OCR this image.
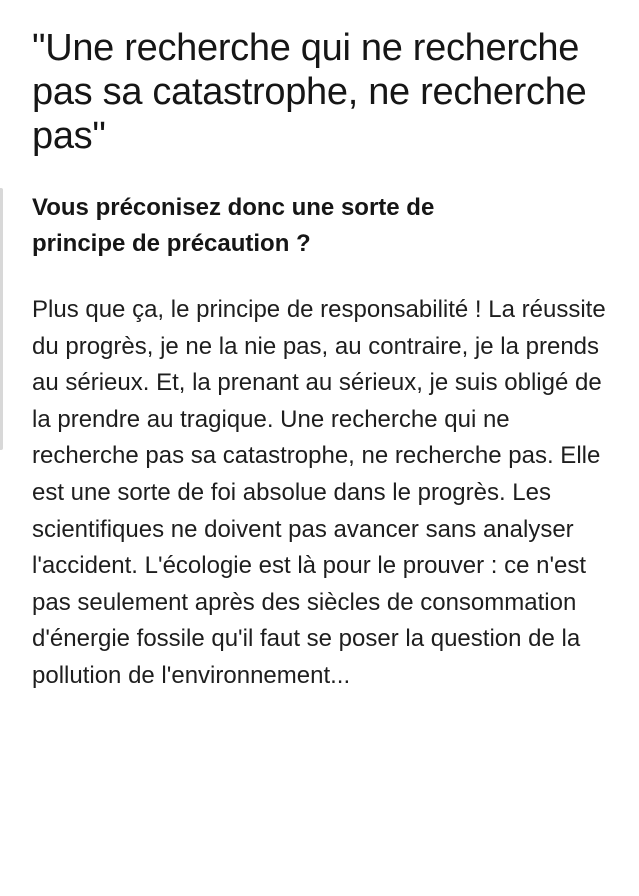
"Une recherche qui ne recherche pas sa catastrophe, ne recherche pas"

Vous préconisez donc une sorte de principe de précaution ?

Plus que ça, le principe de responsabilité ! La réussite du progrès, je ne la nie pas, au contraire, je la prends au sérieux. Et, la prenant au sérieux, je suis obligé de la prendre au tragique. Une recherche qui ne recherche pas sa catastrophe, ne recherche pas. Elle est une sorte de foi absolue dans le progrès. Les scientifiques ne doivent pas avancer sans analyser l'accident. L'écologie est là pour le prouver : ce n'est pas seulement après des siècles de consommation d'énergie fossile qu'il faut se poser la question de la pollution de l'environnement...
